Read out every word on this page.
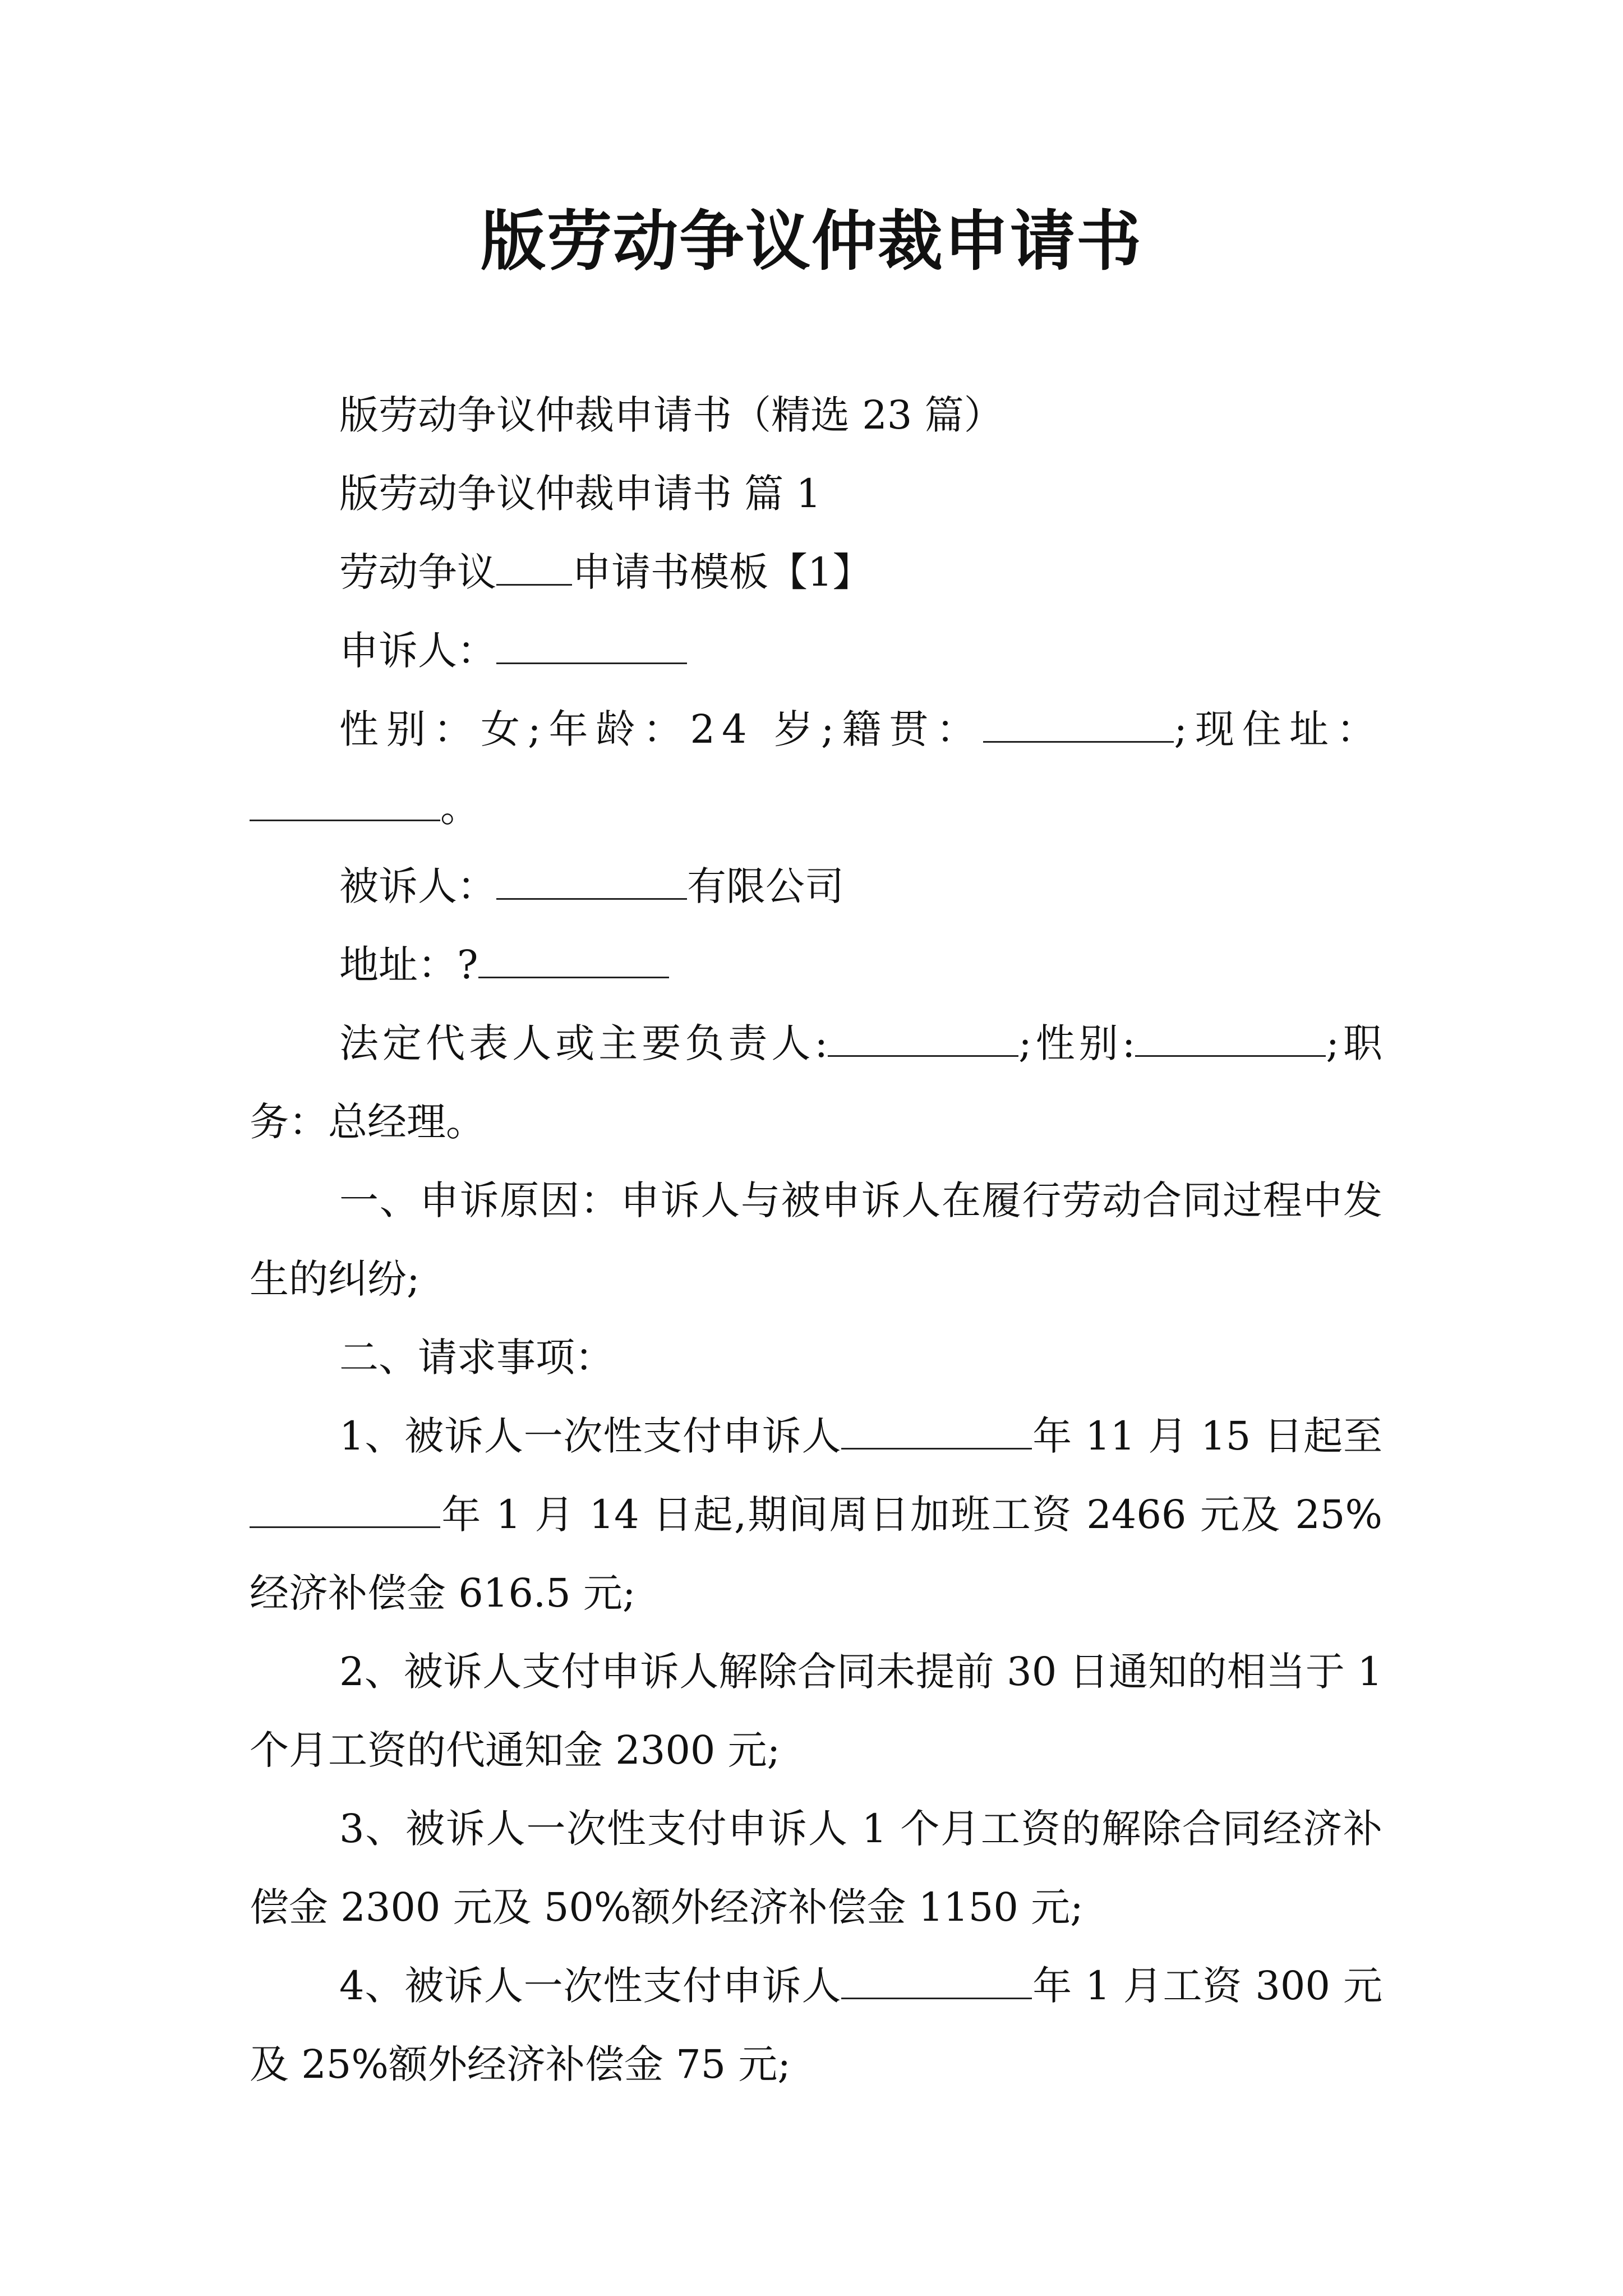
版劳动争议仲裁申请书

版劳动争议仲裁申请书（精选 23 篇）

版劳动争议仲裁申请书 篇 1

劳动争议 申请书模板【1】

申诉人：

性别：女;年龄：24 岁;籍贯：	;现住址：。

被诉人：	有限公司

地址：?

法定代表人或主要负责人:	;性别:	;职务：总经理。

一、申诉原因：申诉人与被申诉人在履行劳动合同过程中发生的纠纷;

二、请求事项：

1、被诉人一次性支付申诉人	年 11 月 15 日起至年 1 月 14 日起,期间周日加班工资 2466 元及 25%经济补偿金 616.5 元;

2、被诉人支付申诉人解除合同未提前 30 日通知的相当于 1 个月工资的代通知金 2300 元;

3、被诉人一次性支付申诉人 1 个月工资的解除合同经济补偿金 2300 元及 50%额外经济补偿金 1150 元;

4、被诉人一次性支付申诉人	年 1 月工资 300 元及 25%额外经济补偿金 75 元;
